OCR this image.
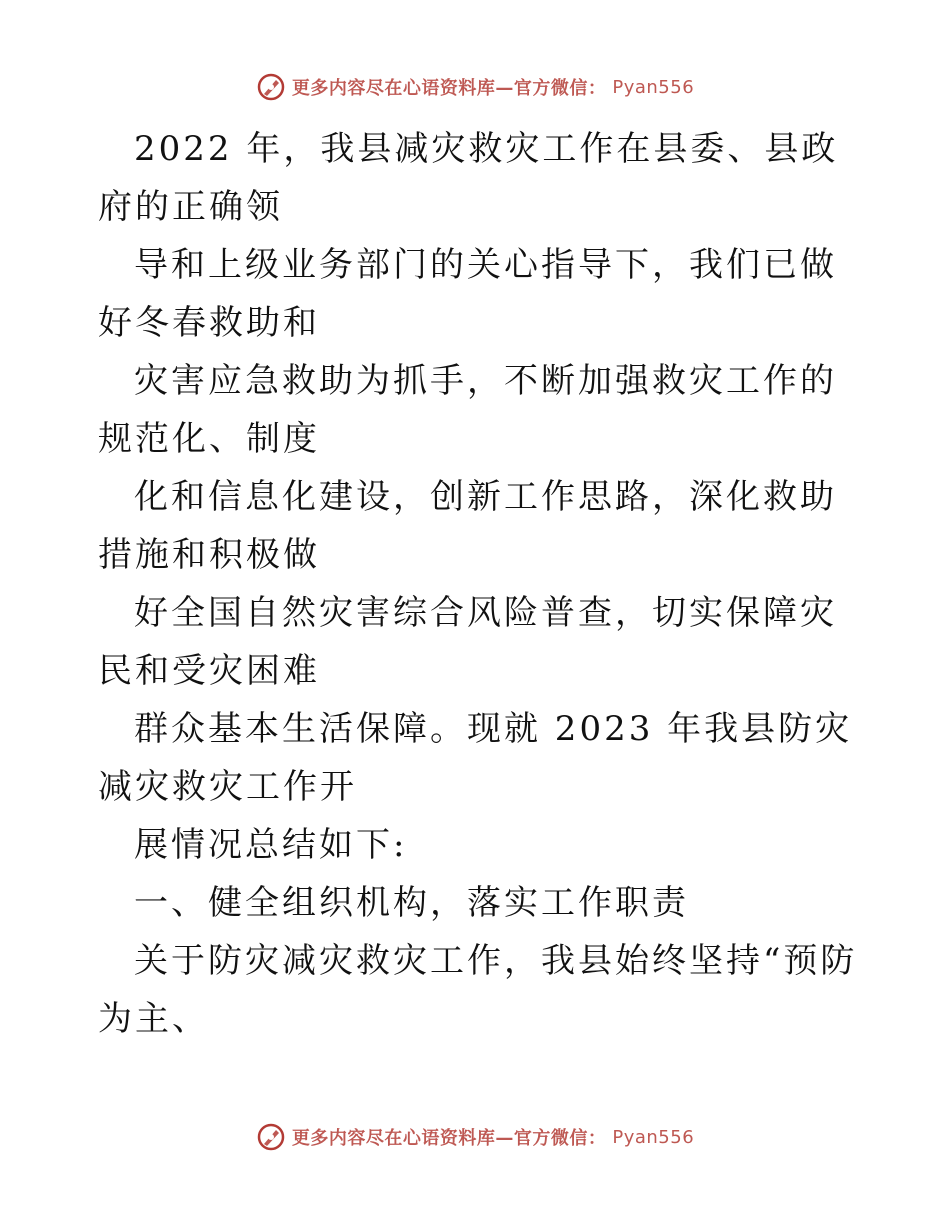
更多内容尽在心语资料库—官方微信： Pyan556

2022 年，我县减灾救灾工作在县委、县政府的正确领

导和上级业务部门的关心指导下，我们已做好冬春救助和

灾害应急救助为抓手，不断加强救灾工作的规范化、制度

化和信息化建设，创新工作思路，深化救助措施和积极做

好全国自然灾害综合风险普查，切实保障灾民和受灾困难

群众基本生活保障。现就 2023 年我县防灾减灾救灾工作开

展情况总结如下:

一、健全组织机构，落实工作职责

关于防灾减灾救灾工作，我县始终坚持“预防为主、

更多内容尽在心语资料库—官方微信： Pyan556
